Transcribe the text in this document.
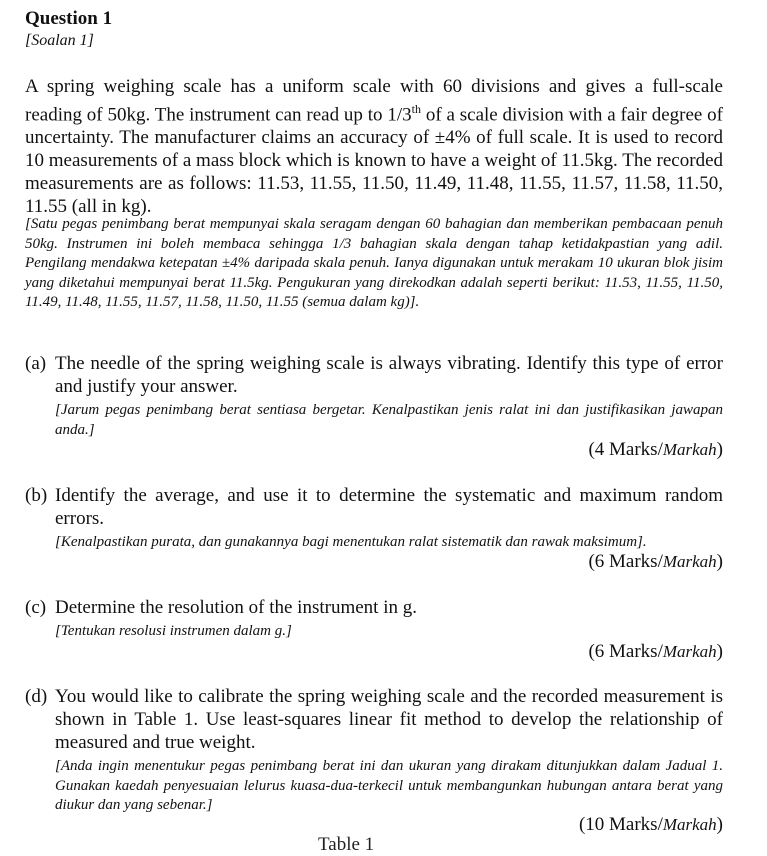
Question 1
[Soalan 1]
A spring weighing scale has a uniform scale with 60 divisions and gives a full-scale reading of 50kg. The instrument can read up to 1/3th of a scale division with a fair degree of uncertainty. The manufacturer claims an accuracy of ±4% of full scale. It is used to record 10 measurements of a mass block which is known to have a weight of 11.5kg. The recorded measurements are as follows: 11.53, 11.55, 11.50, 11.49, 11.48, 11.55, 11.57, 11.58, 11.50, 11.55 (all in kg).
[Satu pegas penimbang berat mempunyai skala seragam dengan 60 bahagian dan memberikan pembacaan penuh 50kg. Instrumen ini boleh membaca sehingga 1/3 bahagian skala dengan tahap ketidakpastian yang adil. Pengilang mendakwa ketepatan ±4% daripada skala penuh. Ianya digunakan untuk merakam 10 ukuran blok jisim yang diketahui mempunyai berat 11.5kg. Pengukuran yang direkodkan adalah seperti berikut: 11.53, 11.55, 11.50, 11.49, 11.48, 11.55, 11.57, 11.58, 11.50, 11.55 (semua dalam kg)].
(a) The needle of the spring weighing scale is always vibrating. Identify this type of error and justify your answer.
[Jarum pegas penimbang berat sentiasa bergetar. Kenalpastikan jenis ralat ini dan justifikasikan jawapan anda.]
(4 Marks/Markah)
(b) Identify the average, and use it to determine the systematic and maximum random errors.
[Kenalpastikan purata, dan gunakannya bagi menentukan ralat sistematik dan rawak maksimum].
(6 Marks/Markah)
(c) Determine the resolution of the instrument in g.
[Tentukan resolusi instrumen dalam g.]
(6 Marks/Markah)
(d) You would like to calibrate the spring weighing scale and the recorded measurement is shown in Table 1. Use least-squares linear fit method to develop the relationship of measured and true weight.
[Anda ingin menentukur pegas penimbang berat ini dan ukuran yang dirakam ditunjukkan dalam Jadual 1. Gunakan kaedah penyesuaian lelurus kuasa-dua-terkecil untuk membangunkan hubungan antara berat yang diukur dan yang sebenar.]
(10 Marks/Markah)
Table 1
